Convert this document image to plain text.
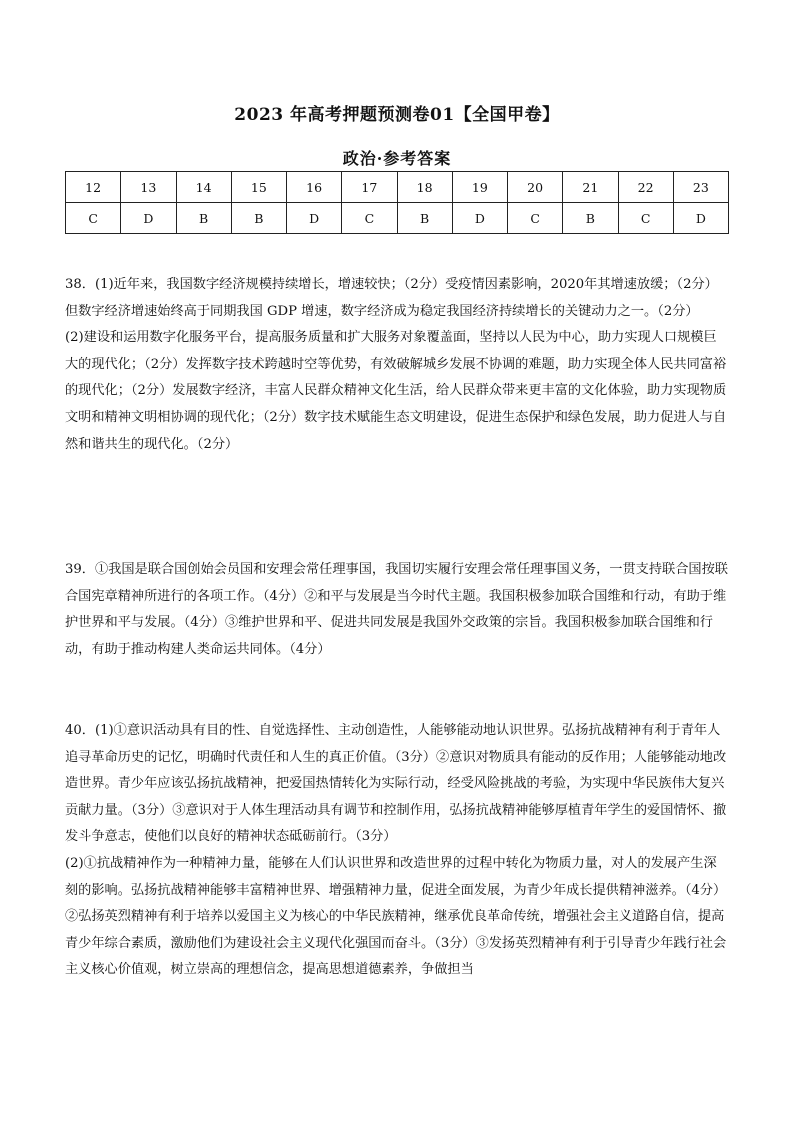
2023 年高考押题预测卷01【全国甲卷】
政治·参考答案
12	13	14	15	16	17	18	19	20	21	22	23
C	D	B	B	D	C	B	D	C	B	C	D

38．(1)近年来，我国数字经济规模持续增长，增速较快；（2分）受疫情因素影响，2020年其增速放缓；（2分）但数字经济增速始终高于同期我国 GDP 增速，数字经济成为稳定我国经济持续增长的关键动力之一。（2分）

(2)建设和运用数字化服务平台，提高服务质量和扩大服务对象覆盖面，坚持以人民为中心，助力实现人口规模巨大的现代化；（2分）发挥数字技术跨越时空等优势，有效破解城乡发展不协调的难题，助力实现全体人民共同富裕的现代化；（2分）发展数字经济，丰富人民群众精神文化生活，给人民群众带来更丰富的文化体验，助力实现物质文明和精神文明相协调的现代化；（2分）数字技术赋能生态文明建设，促进生态保护和绿色发展，助力促进人与自然和谐共生的现代化。（2分）

39．①我国是联合国创始会员国和安理会常任理事国，我国切实履行安理会常任理事国义务，一贯支持联合国按联合国宪章精神所进行的各项工作。（4分）②和平与发展是当今时代主题。我国积极参加联合国维和行动，有助于维护世界和平与发展。（4分）③维护世界和平、促进共同发展是我国外交政策的宗旨。我国积极参加联合国维和行动，有助于推动构建人类命运共同体。（4分）

40．(1)①意识活动具有目的性、自觉选择性、主动创造性，人能够能动地认识世界。弘扬抗战精神有利于青年人追寻革命历史的记忆，明确时代责任和人生的真正价值。（3分）②意识对物质具有能动的反作用；人能够能动地改造世界。青少年应该弘扬抗战精神，把爱国热情转化为实际行动，经受风险挑战的考验，为实现中华民族伟大复兴贡献力量。（3分）③意识对于人体生理活动具有调节和控制作用，弘扬抗战精神能够厚植青年学生的爱国情怀、撤发斗争意志，使他们以良好的精神状态砥砺前行。（3分）

(2)①抗战精神作为一种精神力量，能够在人们认识世界和改造世界的过程中转化为物质力量，对人的发展产生深刻的影响。弘扬抗战精神能够丰富精神世界、增强精神力量，促进全面发展，为青少年成长提供精神滋养。（4分）②弘扬英烈精神有利于培养以爱国主义为核心的中华民族精神，继承优良革命传统，增强社会主义道路自信，提高青少年综合素质，激励他们为建设社会主义现代化强国而奋斗。（3分）③发扬英烈精神有利于引导青少年践行社会主义核心价值观，树立崇高的理想信念，提高思想道德素养，争做担当
